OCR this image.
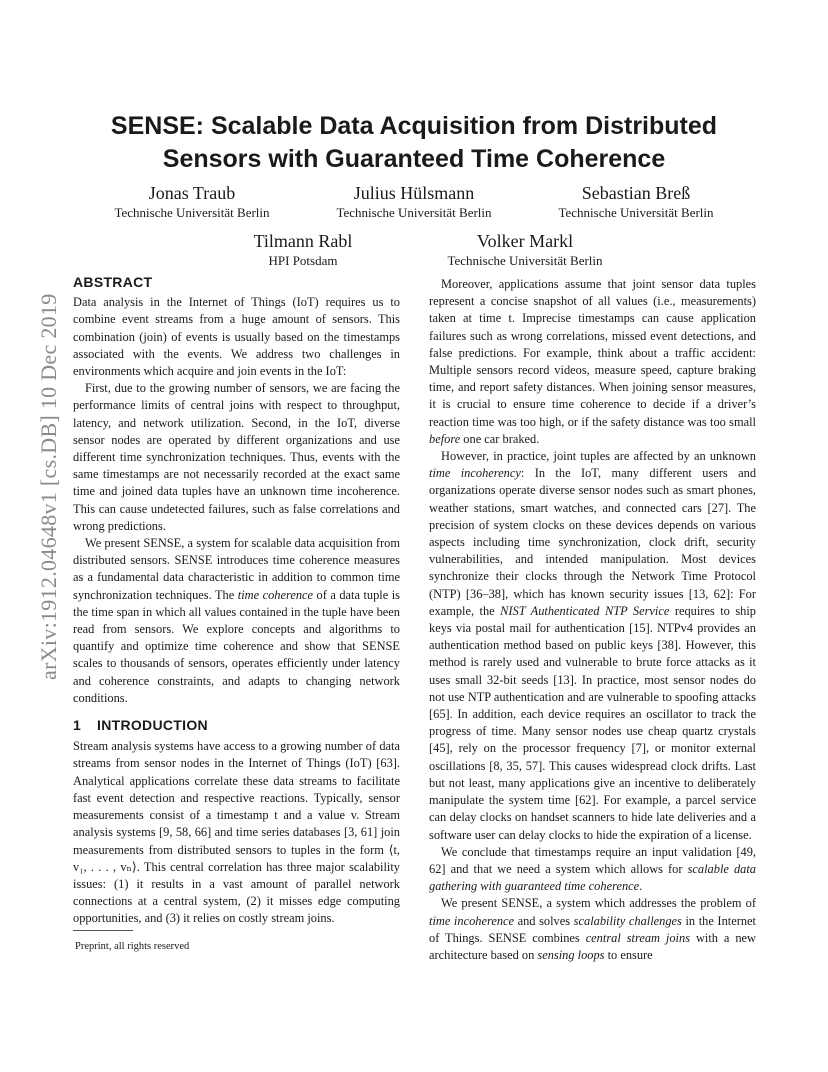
arXiv:1912.04648v1 [cs.DB] 10 Dec 2019
SENSE: Scalable Data Acquisition from Distributed
Sensors with Guaranteed Time Coherence
Jonas Traub
Technische Universität Berlin
Julius Hülsmann
Technische Universität Berlin
Sebastian Breß
Technische Universität Berlin
Tilmann Rabl
HPI Potsdam
Volker Markl
Technische Universität Berlin
ABSTRACT

Data analysis in the Internet of Things (IoT) requires us to combine event streams from a huge amount of sensors. This combination (join) of events is usually based on the timestamps associated with the events. We address two challenges in environments which acquire and join events in the IoT:

First, due to the growing number of sensors, we are facing the performance limits of central joins with respect to throughput, latency, and network utilization. Second, in the IoT, diverse sensor nodes are operated by different organizations and use different time synchronization techniques. Thus, events with the same timestamps are not necessarily recorded at the exact same time and joined data tuples have an unknown time incoherence. This can cause undetected failures, such as false correlations and wrong predictions.

We present SENSE, a system for scalable data acquisition from distributed sensors. SENSE introduces time coherence measures as a fundamental data characteristic in addition to common time synchronization techniques. The time coherence of a data tuple is the time span in which all values contained in the tuple have been read from sensors. We explore concepts and algorithms to quantify and optimize time coherence and show that SENSE scales to thousands of sensors, operates efficiently under latency and coherence constraints, and adapts to changing network conditions.

1 INTRODUCTION

Stream analysis systems have access to a growing number of data streams from sensor nodes in the Internet of Things (IoT) [63]. Analytical applications correlate these data streams to facilitate fast event detection and respective reactions. Typically, sensor measurements consist of a timestamp t and a value v. Stream analysis systems [9, 58, 66] and time series databases [3, 61] join measurements from distributed sensors to tuples in the form ⟨t, v₁, . . . , vₙ⟩. This central correlation has three major scalability issues: (1) it results in a vast amount of parallel network connections at a central system, (2) it misses edge computing opportunities, and (3) it relies on costly stream joins.

Moreover, applications assume that joint sensor data tuples represent a concise snapshot of all values (i.e., measurements) taken at time t. Imprecise timestamps can cause application failures such as wrong correlations, missed event detections, and false predictions. For example, think about a traffic accident: Multiple sensors record videos, measure speed, capture braking time, and report safety distances. When joining sensor measures, it is crucial to ensure time coherence to decide if a driver’s reaction time was too high, or if the safety distance was too small before one car braked.

However, in practice, joint tuples are affected by an unknown time incoherency: In the IoT, many different users and organizations operate diverse sensor nodes such as smart phones, weather stations, smart watches, and connected cars [27]. The precision of system clocks on these devices depends on various aspects including time synchronization, clock drift, security vulnerabilities, and intended manipulation. Most devices synchronize their clocks through the Network Time Protocol (NTP) [36–38], which has known security issues [13, 62]: For example, the NIST Authenticated NTP Service requires to ship keys via postal mail for authentication [15]. NTPv4 provides an authentication method based on public keys [38]. However, this method is rarely used and vulnerable to brute force attacks as it uses small 32-bit seeds [13]. In practice, most sensor nodes do not use NTP authentication and are vulnerable to spoofing attacks [65]. In addition, each device requires an oscillator to track the progress of time. Many sensor nodes use cheap quartz crystals [45], rely on the processor frequency [7], or monitor external oscillations [8, 35, 57]. This causes widespread clock drifts. Last but not least, many applications give an incentive to deliberately manipulate the system time [62]. For example, a parcel service can delay clocks on handset scanners to hide late deliveries and a software user can delay clocks to hide the expiration of a license.

We conclude that timestamps require an input validation [49, 62] and that we need a system which allows for scalable data gathering with guaranteed time coherence.

We present SENSE, a system which addresses the problem of time incoherence and solves scalability challenges in the Internet of Things. SENSE combines central stream joins with a new architecture based on sensing loops to ensure

Preprint, all rights reserved
